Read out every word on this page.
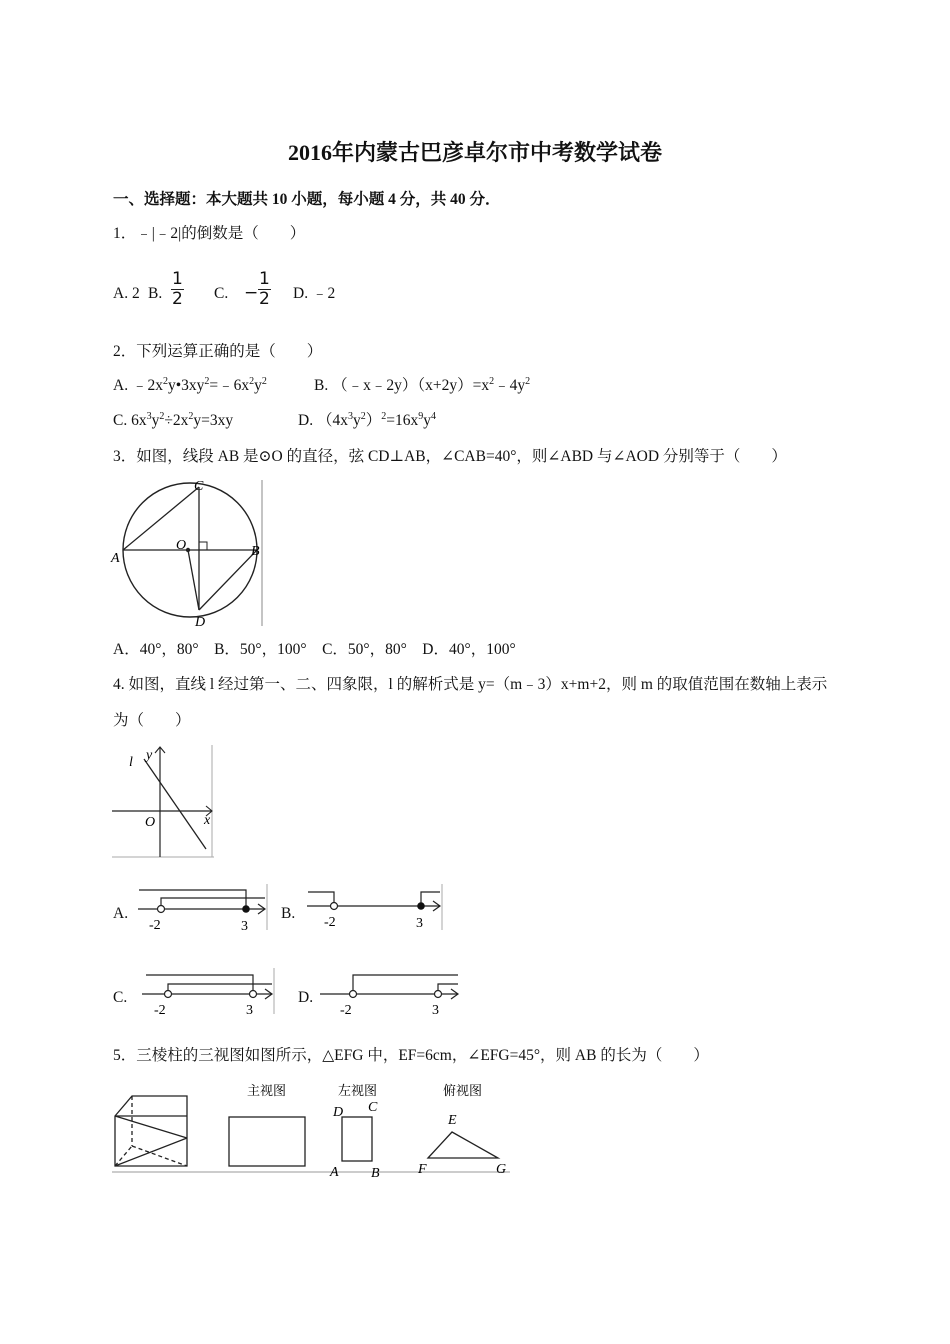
2016年内蒙古巴彦卓尔市中考数学试卷
一、选择题：本大题共 10 小题，每小题 4 分，共 40 分．
1．﹣|﹣2|的倒数是（　　）
A. 2 B. $\frac{1}{2} C$. − $\frac{1}{2} D$. ﹣2
2．下列运算正确的是（　　）
A. $﹣2x^2y•3xy^2=﹣6x^2y^2$	B. $(﹣x﹣2y)(x+2y)=x^2﹣4y^2$
C. $6x^3y^2\div 2x^2y=3xy$	D. $(4x^3y^2)^2=16x^9y^4$
3．如图，线段 AB 是⊙O 的直径，弦 CD⊥AB，∠CAB=40°，则∠ABD 与∠AOD 分别等于（　　）
C
A	B
O
D
A．40°，80°　B．50°，100°　C．50°，80°　D．40°，100°
4. 如图，直线 l 经过第一、二、四象限，l 的解析式是 y=（m﹣3）x+m+2，则 m 的取值范围在数轴上表示
为（　　）
l y
x
O
A.
-2	3
B.
-2	3
C.
-2	3
D.
-2	3
5．三棱柱的三视图如图所示，△EFG 中，EF=6cm，∠EFG=45°，则 AB 的长为（　　）
主视图	左视图
D C
A B
俯视图
E
F	G
